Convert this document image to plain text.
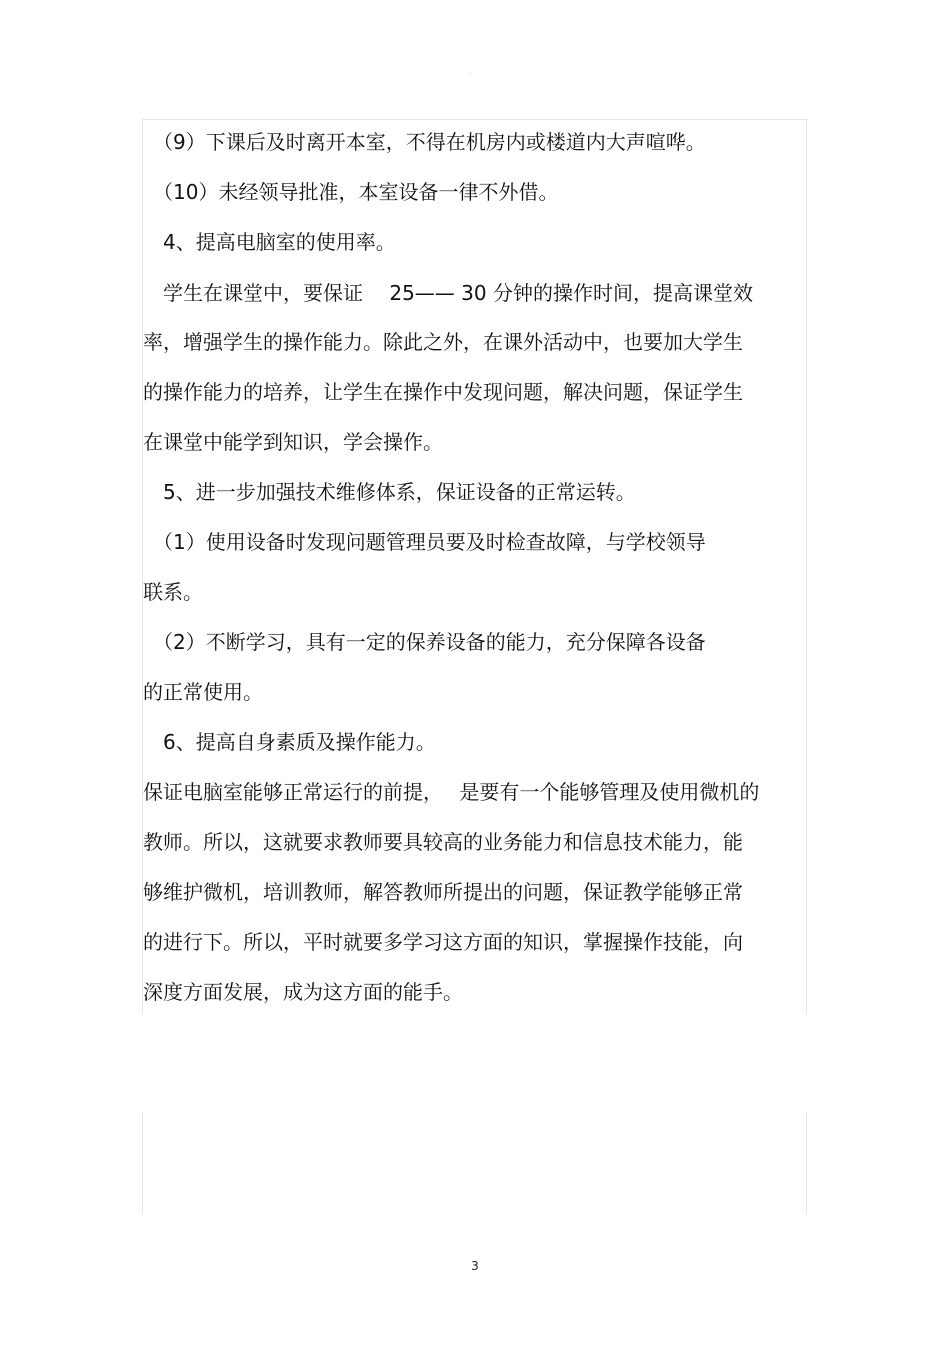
·
　（9）下课后及时离开本室，不得在机房内或楼道内大声喧哗。
　（10）未经领导批准，本室设备一律不外借。
　4、提高电脑室的使用率。
　学生在课堂中，要保证　 25—— 30 分钟的操作时间，提高课堂效
率，增强学生的操作能力。除此之外，在课外活动中，也要加大学生
的操作能力的培养，让学生在操作中发现问题，解决问题，保证学生
在课堂中能学到知识，学会操作。
　5、进一步加强技术维修体系，保证设备的正常运转。
　（1）使用设备时发现问题管理员要及时检查故障，与学校领导
联系。
　（2）不断学习，具有一定的保养设备的能力，充分保障各设备
的正常使用。
　6、提高自身素质及操作能力。
保证电脑室能够正常运行的前提，　 是要有一个能够管理及使用微机的
教师。所以，这就要求教师要具较高的业务能力和信息技术能力，能
够维护微机，培训教师，解答教师所提出的问题，保证教学能够正常
的进行下。所以，平时就要多学习这方面的知识，掌握操作技能，向
深度方面发展，成为这方面的能手。
3
